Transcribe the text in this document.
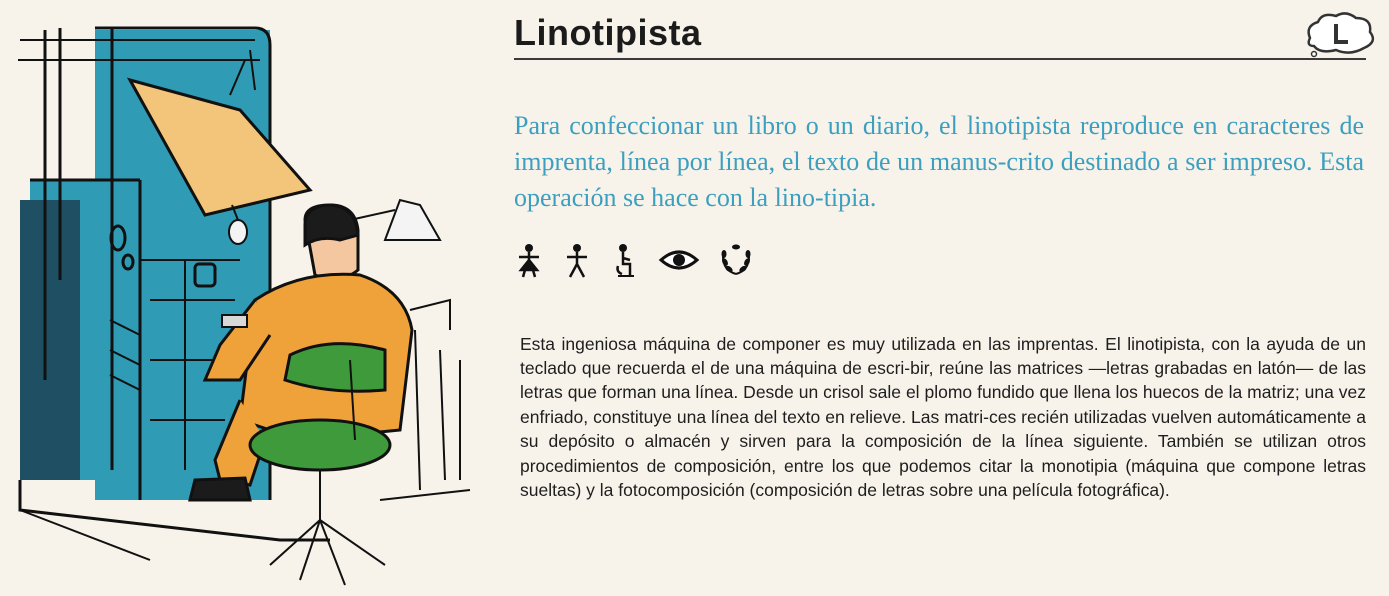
Linotipista

Para confeccionar un libro o un diario, el linotipista reproduce en caracteres de imprenta, línea por línea, el texto de un manus-crito destinado a ser impreso. Esta operación se hace con la lino-tipia.

Esta ingeniosa máquina de componer es muy utilizada en las imprentas. El linotipista, con la ayuda de un teclado que recuerda el de una máquina de escri-bir, reúne las matrices —letras grabadas en latón— de las letras que forman una línea. Desde un crisol sale el plomo fundido que llena los huecos de la matriz; una vez enfriado, constituye una línea del texto en relieve. Las matri-ces recién utilizadas vuelven automáticamente a su depósito o almacén y sirven para la composición de la línea siguiente. También se utilizan otros procedimientos de composición, entre los que podemos citar la monotipia (máquina que compone letras sueltas) y la fotocomposición (composición de letras sobre una película fotográfica).
